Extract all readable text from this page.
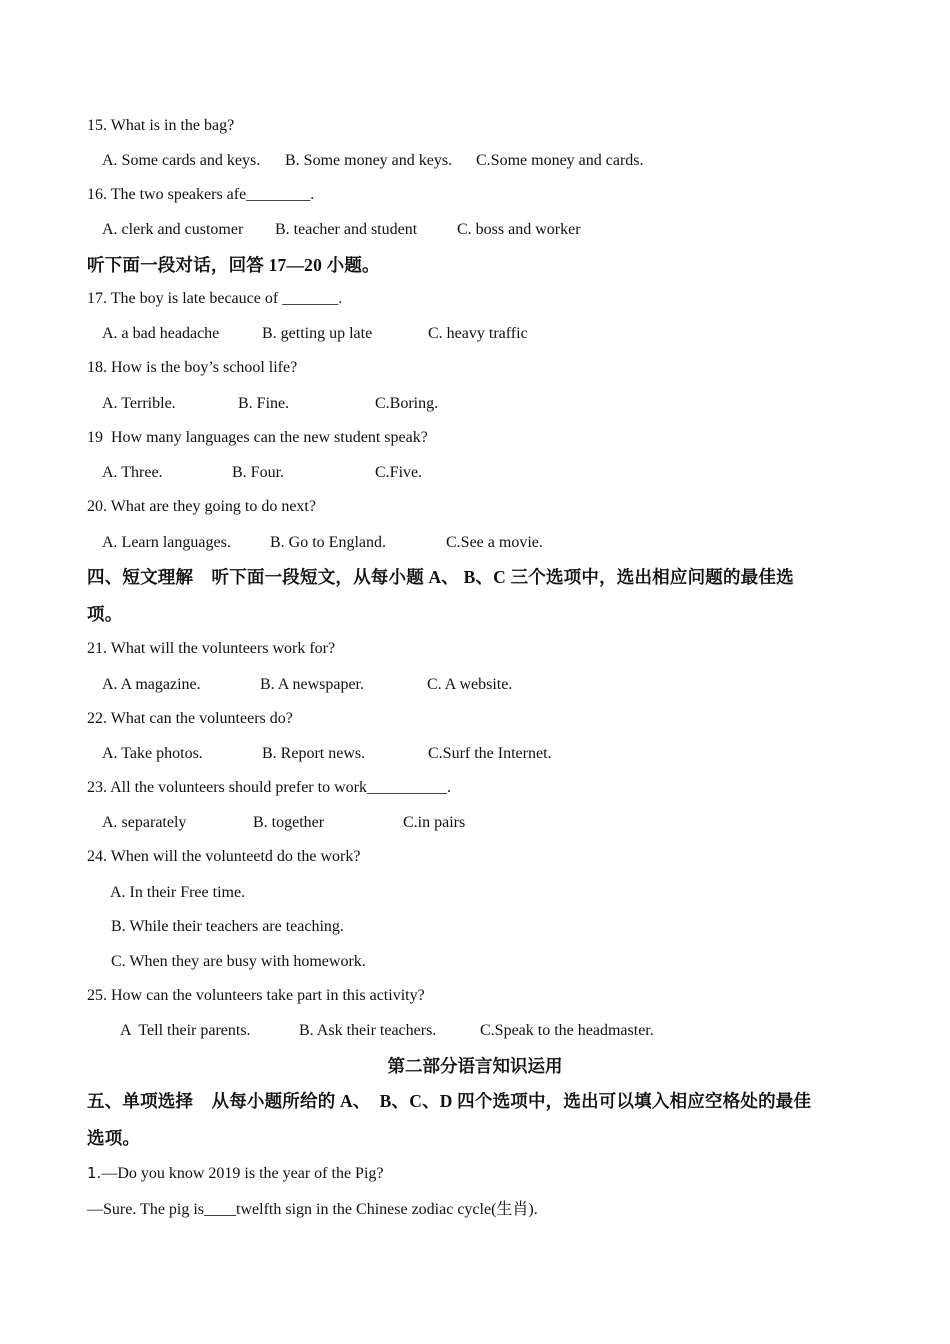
15. What is in the bag?
A. Some cards and keys. B. Some money and keys. C.Some money and cards.
16. The two speakers afe________.
A. clerk and customer B. teacher and student C. boss and worker
听下面一段对话，回答 17—20 小题。
17. The boy is late becauce of _______.
A. a bad headache	B. getting up late	C. heavy traffic
18. How is the boy’s school life?
A. Terrible.	B. Fine.	C.Boring.
19  How many languages can the new student speak?
A. Three.	B. Four.	C.Five.
20. What are they going to do next?
A. Learn languages. B. Go to England.	C.See a movie.
四、短文理解    听下面一段短文，从每小题 A、 B、C 三个选项中，选出相应问题的最佳选
项。
21. What will the volunteers work for?
A. A magazine.	B. A newspaper.	C. A website.
22. What can the volunteers do?
A. Take photos.	B. Report news.	C.Surf the Internet.
23. All the volunteers should prefer to work__________.
A. separately	B. together	C.in pairs
24. When will the volunteetd do the work?
A. In their Free time.
B. While their teachers are teaching.
C. When they are busy with homework.
25. How can the volunteers take part in this activity?
A  Tell their parents.	B. Ask their teachers.	C.Speak to the headmaster.
第二部分语言知识运用
五、单项选择    从每小题所给的 A、  B、C、D 四个选项中，选出可以填入相应空格处的最佳
选项。
1.—Do you know 2019 is the year of the Pig?
—Sure. The pig is____twelfth sign in the Chinese zodiac cycle(生肖).
